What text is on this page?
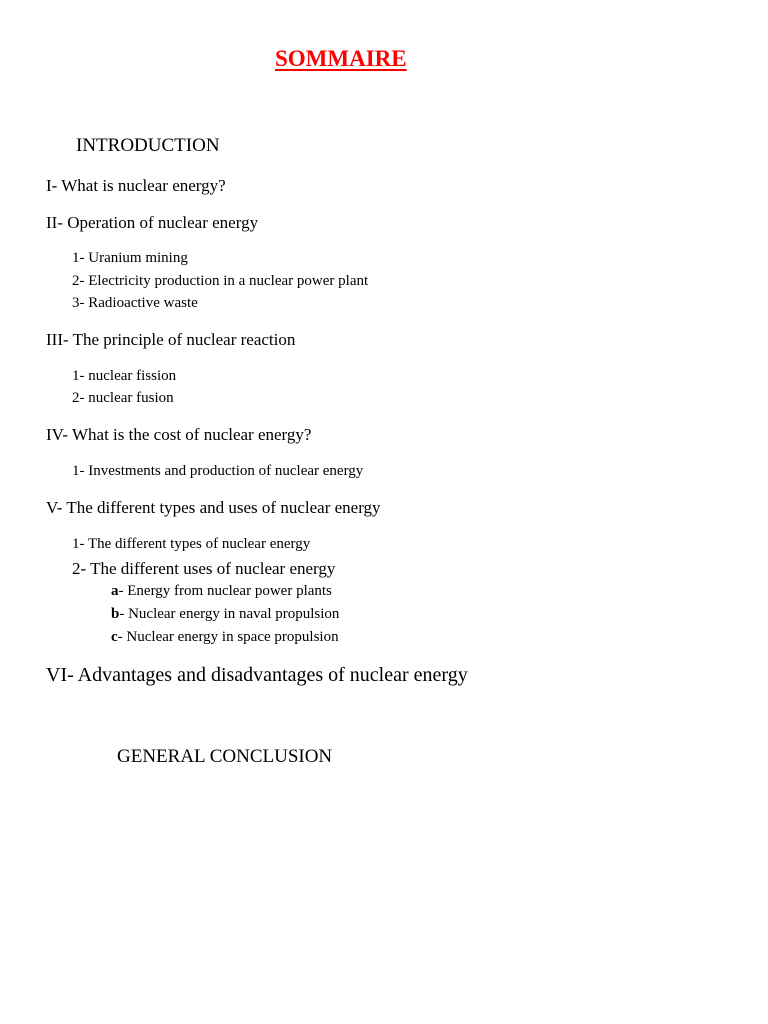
SOMMAIRE
INTRODUCTION
I- What is nuclear energy?
II- Operation of nuclear energy
1- Uranium mining
2- Electricity production in a nuclear power plant
3- Radioactive waste
III- The principle of nuclear reaction
1- nuclear fission
2- nuclear fusion
IV- What is the cost of nuclear energy?
1- Investments and production of nuclear energy
V- The different types and uses of nuclear energy
1- The different types of nuclear energy
2- The different uses of nuclear energy
a- Energy from nuclear power plants
b- Nuclear energy in naval propulsion
c- Nuclear energy in space propulsion
VI- Advantages and disadvantages of nuclear energy
GENERAL CONCLUSION
